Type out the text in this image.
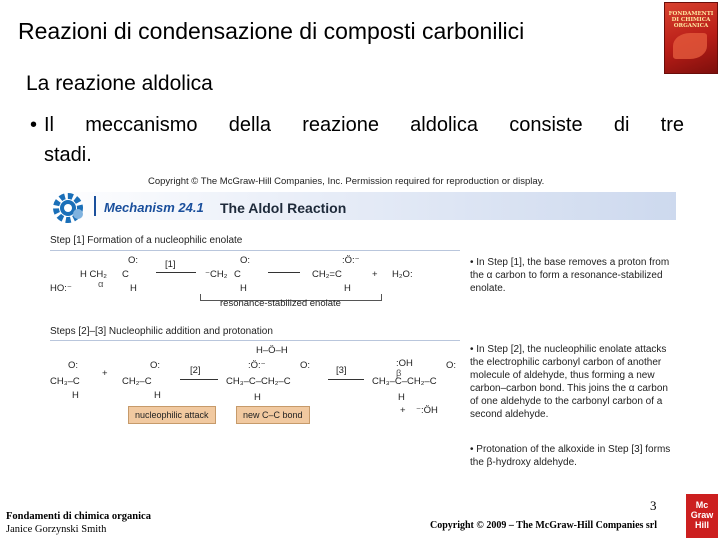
Reazioni di condensazione di composti carbonilici
FONDAMENTI DI CHIMICA ORGANICA
La reazione aldolica
• Il meccanismo della reazione aldolica consiste di tre
stadi.
Copyright © The McGraw-Hill Companies, Inc. Permission required for reproduction or display.
Mechanism 24.1 The Aldol Reaction
Step [1] Formation of a nucleophilic enolate
HO:⁻
H CH₂
α
C
O:
H
[1]
⁻CH₂ C
O:
H
CH₂=C
:Ö:⁻
H
+ H₂O:
resonance-stabilized enolate
• In Step [1], the base removes a proton from the α carbon to form a resonance-stabilized enolate.
Steps [2]–[3] Nucleophilic addition and protonation
CH₃–C
O:
H
+
CH₂–C
O:
H
[2]
H–Ö–H
:Ö:⁻
CH₃–C–CH₂–C
O:
H
[3]
:OH
β
CH₃–C–CH₂–C
O:
H
+ ⁻:ÖH
nucleophilic attack	new C–C bond
• In Step [2], the nucleophilic enolate attacks the electrophilic carbonyl carbon of another molecule of aldehyde, thus forming a new carbon–carbon bond. This joins the α carbon of one aldehyde to the carbonyl carbon of a second aldehyde.
• Protonation of the alkoxide in Step [3] forms the β-hydroxy aldehyde.
Fondamenti di chimica organica
Janice Gorzynski Smith
3
Copyright © 2009 – The McGraw-Hill Companies srl
Mc
Graw
Hill
